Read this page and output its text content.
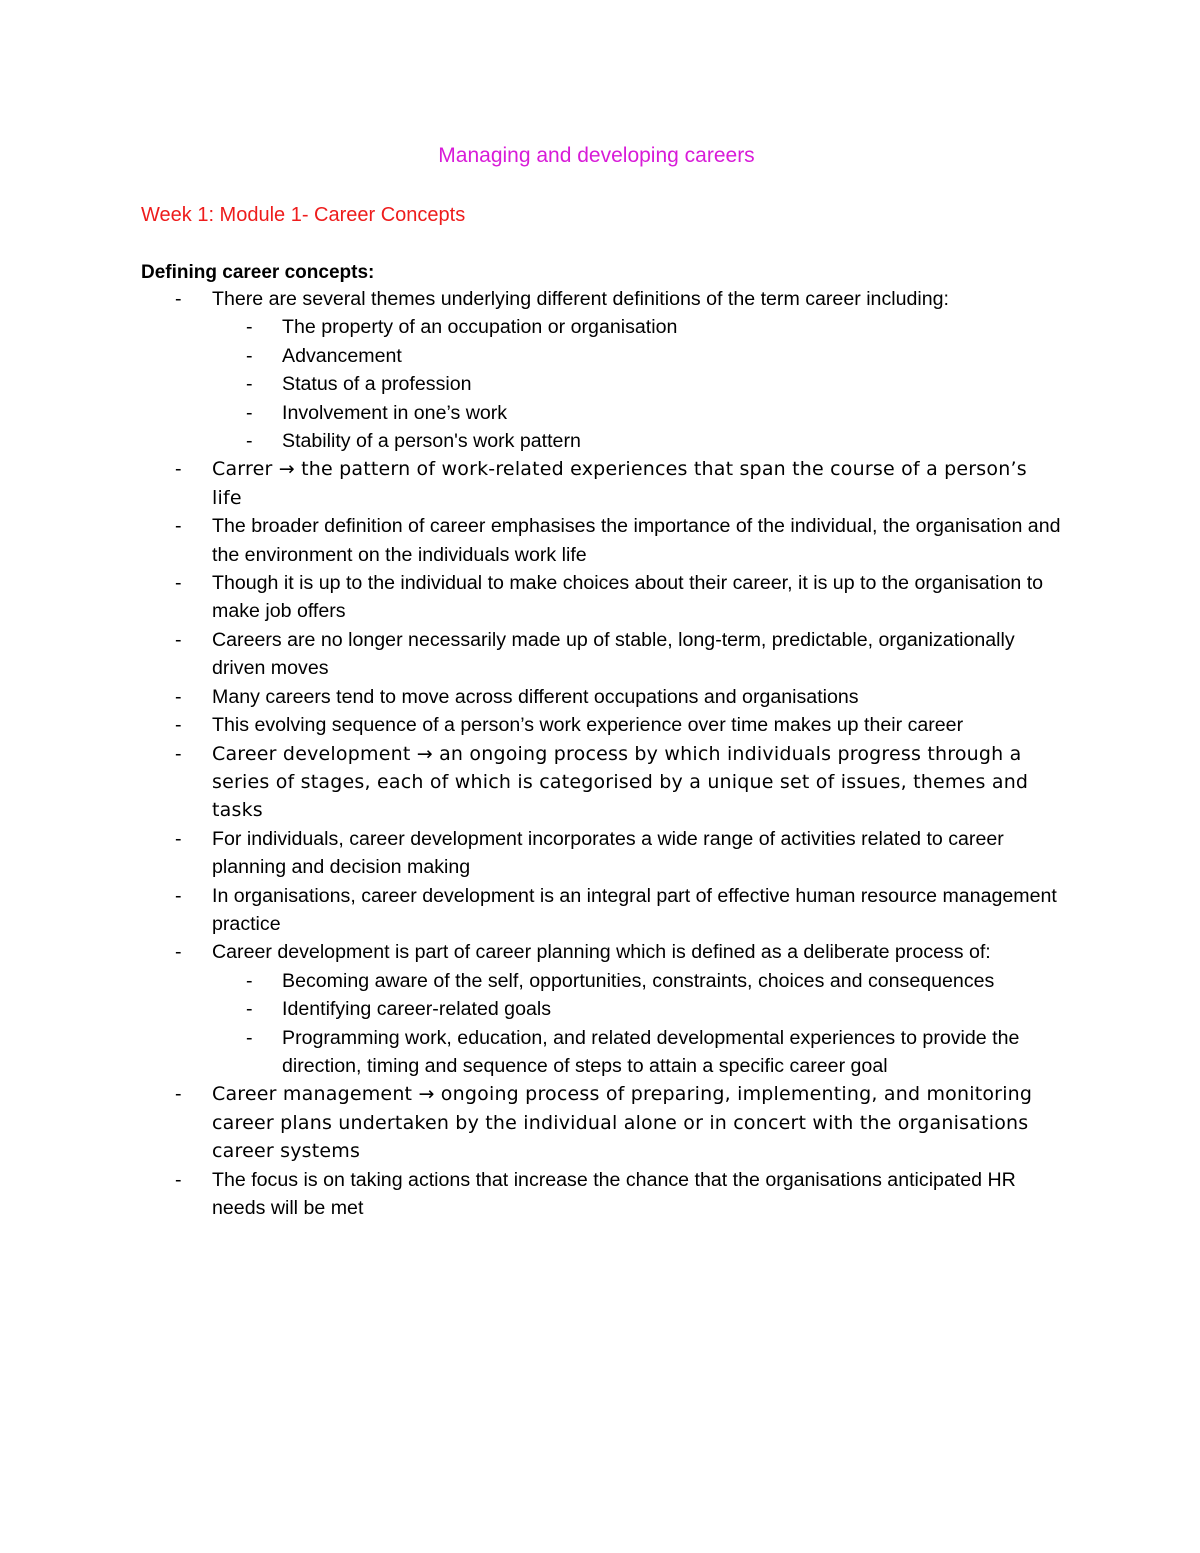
Managing and developing careers
Week 1: Module 1- Career Concepts
Defining career concepts:
- There are several themes underlying different definitions of the term career including:
- The property of an occupation or organisation
- Advancement
- Status of a profession
- Involvement in one’s work
- Stability of a person's work pattern
- Carrer → the pattern of work-related experiences that span the course of a person’s life
- The broader definition of career emphasises the importance of the individual, the organisation and the environment on the individuals work life
- Though it is up to the individual to make choices about their career, it is up to the organisation to make job offers
- Careers are no longer necessarily made up of stable, long-term, predictable, organizationally driven moves
- Many careers tend to move across different occupations and organisations
- This evolving sequence of a person’s work experience over time makes up their career
- Career development → an ongoing process by which individuals progress through a series of stages, each of which is categorised by a unique set of issues, themes and tasks
- For individuals, career development incorporates a wide range of activities related to career planning and decision making
- In organisations, career development is an integral part of effective human resource management practice
- Career development is part of career planning which is defined as a deliberate process of:
- Becoming aware of the self, opportunities, constraints, choices and consequences
- Identifying career-related goals
- Programming work, education, and related developmental experiences to provide the direction, timing and sequence of steps to attain a specific career goal
- Career management → ongoing process of preparing, implementing, and monitoring career plans undertaken by the individual alone or in concert with the organisations career systems
- The focus is on taking actions that increase the chance that the organisations anticipated HR needs will be met
